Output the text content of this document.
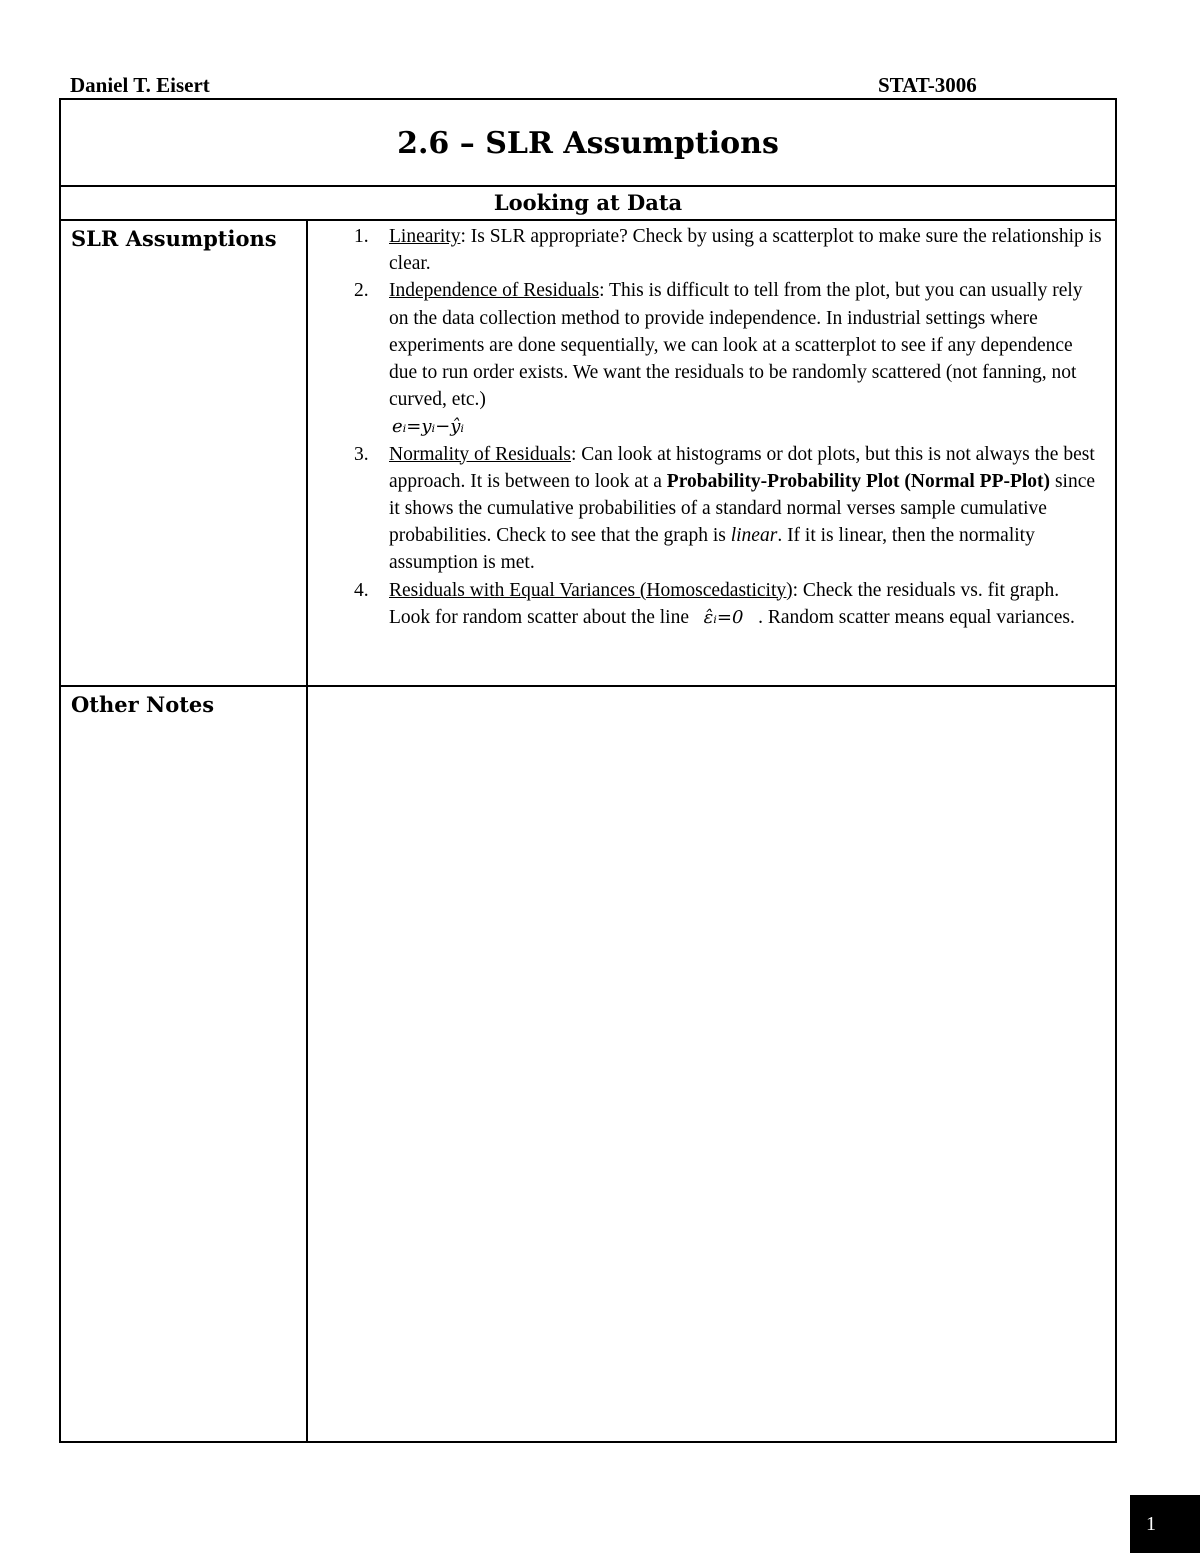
Daniel T. Eisert	STAT-3006
2.6 – SLR Assumptions
Looking at Data
SLR Assumptions	1. Linearity: Is SLR appropriate? Check by using a scatterplot to make sure the relationship is clear.
2. Independence of Residuals: This is difficult to tell from the plot, but you can usually rely on the data collection method to provide independence. In industrial settings where experiments are done sequentially, we can look at a scatterplot to see if any dependence due to run order exists. We want the residuals to be randomly scattered (not fanning, not curved, etc.)
eᵢ=yᵢ−ŷᵢ
3. Normality of Residuals: Can look at histograms or dot plots, but this is not always the best approach. It is between to look at a Probability-Probability Plot (Normal PP-Plot) since it shows the cumulative probabilities of a standard normal verses sample cumulative probabilities. Check to see that the graph is linear. If it is linear, then the normality assumption is met.
4. Residuals with Equal Variances (Homoscedasticity): Check the residuals vs. fit graph. Look for random scatter about the line   ε̂ᵢ=0   . Random scatter means equal variances.
Other Notes
1
